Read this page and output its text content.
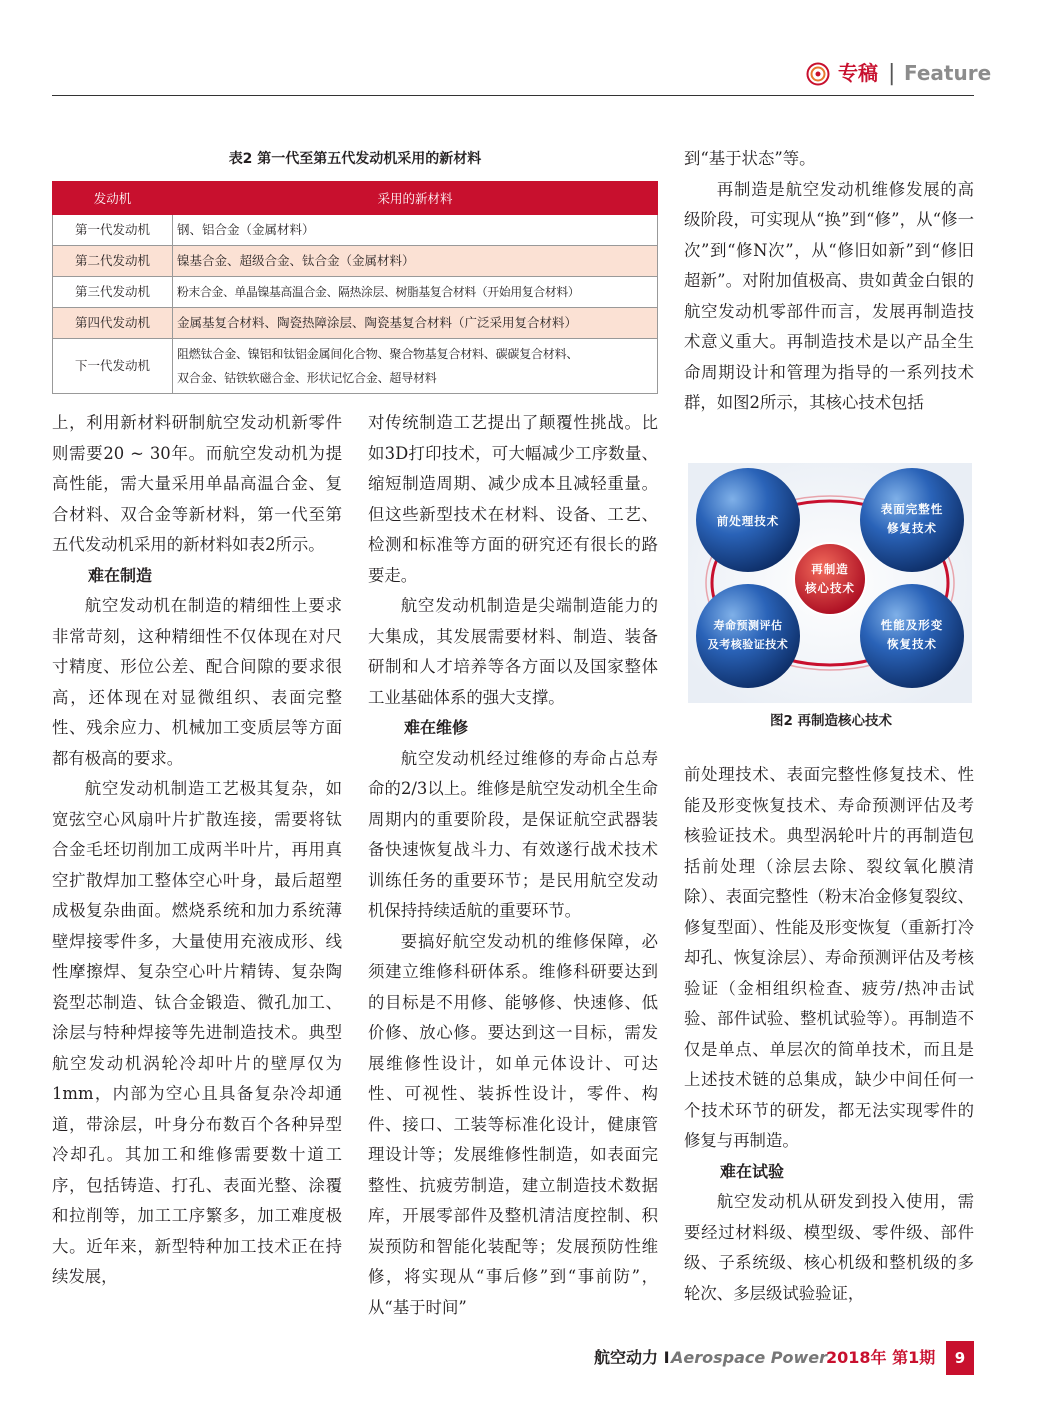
专稿 | Feature
表2 第一代至第五代发动机采用的新材料
发动机	采用的新材料
第一代发动机	钢、铝合金（金属材料）
第二代发动机	镍基合金、超级合金、钛合金（金属材料）
第三代发动机	粉末合金、单晶镍基高温合金、隔热涂层、树脂基复合材料（开始用复合材料）
第四代发动机	金属基复合材料、陶瓷热障涂层、陶瓷基复合材料（广泛采用复合材料）
下一代发动机	阻燃钛合金、镍铝和钛铝金属间化合物、聚合物基复合材料、碳碳复合材料、
双合金、钴铁软磁合金、形状记忆合金、超导材料

上，利用新材料研制航空发动机新零件则需要20 ~ 30年。而航空发动机为提高性能，需大量采用单晶高温合金、复合材料、双合金等新材料，第一代至第五代发动机采用的新材料如表2所示。

难在制造

航空发动机在制造的精细性上要求非常苛刻，这种精细性不仅体现在对尺寸精度、形位公差、配合间隙的要求很高，还体现在对显微组织、表面完整性、残余应力、机械加工变质层等方面都有极高的要求。

航空发动机制造工艺极其复杂，如宽弦空心风扇叶片扩散连接，需要将钛合金毛坯切削加工成两半叶片，再用真空扩散焊加工整体空心叶身，最后超塑成极复杂曲面。燃烧系统和加力系统薄壁焊接零件多，大量使用充液成形、线性摩擦焊、复杂空心叶片精铸、复杂陶瓷型芯制造、钛合金锻造、微孔加工、涂层与特种焊接等先进制造技术。典型航空发动机涡轮冷却叶片的壁厚仅为1mm，内部为空心且具备复杂冷却通道，带涂层，叶身分布数百个各种异型冷却孔。其加工和维修需要数十道工序，包括铸造、打孔、表面光整、涂覆和拉削等，加工工序繁多，加工难度极大。近年来，新型特种加工技术正在持续发展，

对传统制造工艺提出了颠覆性挑战。比如3D打印技术，可大幅减少工序数量、缩短制造周期、减少成本且减轻重量。但这些新型技术在材料、设备、工艺、检测和标准等方面的研究还有很长的路要走。

航空发动机制造是尖端制造能力的大集成，其发展需要材料、制造、装备研制和人才培养等各方面以及国家整体工业基础体系的强大支撑。

难在维修

航空发动机经过维修的寿命占总寿命的2/3以上。维修是航空发动机全生命周期内的重要阶段，是保证航空武器装备快速恢复战斗力、有效遂行战术技术训练任务的重要环节；是民用航空发动机保持持续适航的重要环节。

要搞好航空发动机的维修保障，必须建立维修科研体系。维修科研要达到的目标是不用修、能够修、快速修、低价修、放心修。要达到这一目标，需发展维修性设计，如单元体设计、可达性、可视性、装拆性设计，零件、构件、接口、工装等标准化设计，健康管理设计等；发展维修性制造，如表面完整性、抗疲劳制造，建立制造技术数据库，开展零部件及整机清洁度控制、积炭预防和智能化装配等；发展预防性维修，将实现从“事后修”到“事前防”，从“基于时间”

到“基于状态”等。

再制造是航空发动机维修发展的高级阶段，可实现从“换”到“修”，从“修一次”到“修N次”，从“修旧如新”到“修旧超新”。对附加值极高、贵如黄金白银的航空发动机零部件而言，发展再制造技术意义重大。再制造技术是以产品全生命周期设计和管理为指导的一系列技术群，如图2所示，其核心技术包括

前处理技术
表面完整性
修复技术
寿命预测评估
及考核验证技术
性能及形变
恢复技术
再制造
核心技术
图2 再制造核心技术

前处理技术、表面完整性修复技术、性能及形变恢复技术、寿命预测评估及考核验证技术。典型涡轮叶片的再制造包括前处理（涂层去除、裂纹氧化膜清除）、表面完整性（粉末冶金修复裂纹、修复型面）、性能及形变恢复（重新打冷却孔、恢复涂层）、寿命预测评估及考核验证（金相组织检查、疲劳/热冲击试验、部件试验、整机试验等）。再制造不仅是单点、单层次的简单技术，而且是上述技术链的总集成，缺少中间任何一个技术环节的研发，都无法实现零件的修复与再制造。

难在试验

航空发动机从研发到投入使用，需要经过材料级、模型级、零件级、部件级、子系统级、核心机级和整机级的多轮次、多层级试验验证，

航空动力 I Aerospace Power
2018年 第1期	9
